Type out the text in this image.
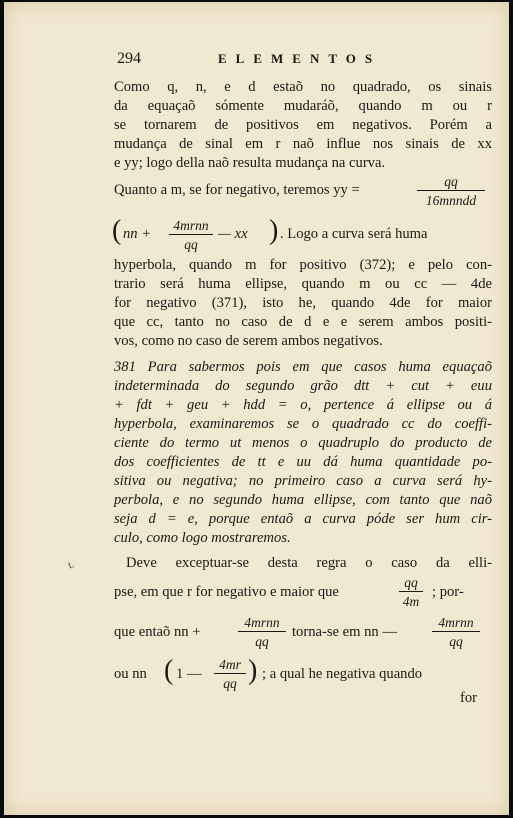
294	ELEMENTOS
Como q, n, e d estaõ no quadrado, os sinais
da equaçaõ sómente mudaráõ, quando m ou r
se tornarem de positivos em negativos. Porém a
mudança de sinal em r naõ influe nos sinais de xx
e yy; logo della naõ resulta mudança na curva.
Quanto a m, se for negativo, teremos yy =
qq
16mnndd
( nn +
4mrnn
qq
— xx ) . Logo a curva será huma
hyperbola, quando m for positivo (372); e pelo con-
trario será huma ellipse, quando m ou cc — 4de
for negativo (371), isto he, quando 4de for maior
que cc, tanto no caso de d e e serem ambos positi-
vos, como no caso de serem ambos negativos.
381 Para sabermos pois em que casos huma equaçaõ
indeterminada do segundo grão dtt + cut + euu
+ fdt + geu + hdd = o, pertence á ellipse ou á
hyperbola, examinaremos se o quadrado cc do coeffi-
ciente do termo ut menos o quadruplo do producto de
dos coefficientes de tt e uu dá huma quantidade po-
sitiva ou negativa; no primeiro caso a curva será hy-
perbola, e no segundo huma ellipse, com tanto que naõ
seja d = e, porque entaõ a curva póde ser hum cir-
culo, como logo mostraremos.
Deve exceptuar-se desta regra o caso da elli-
ʟ
pse, em que r for negativo e maior que
qq
4m
; por-
que entaõ nn +
4mrnn
qq
torna-se em nn —
4mrnn
qq
ou nn ( 1 —
4mr
qq ) ; a qual he negativa quando
for
